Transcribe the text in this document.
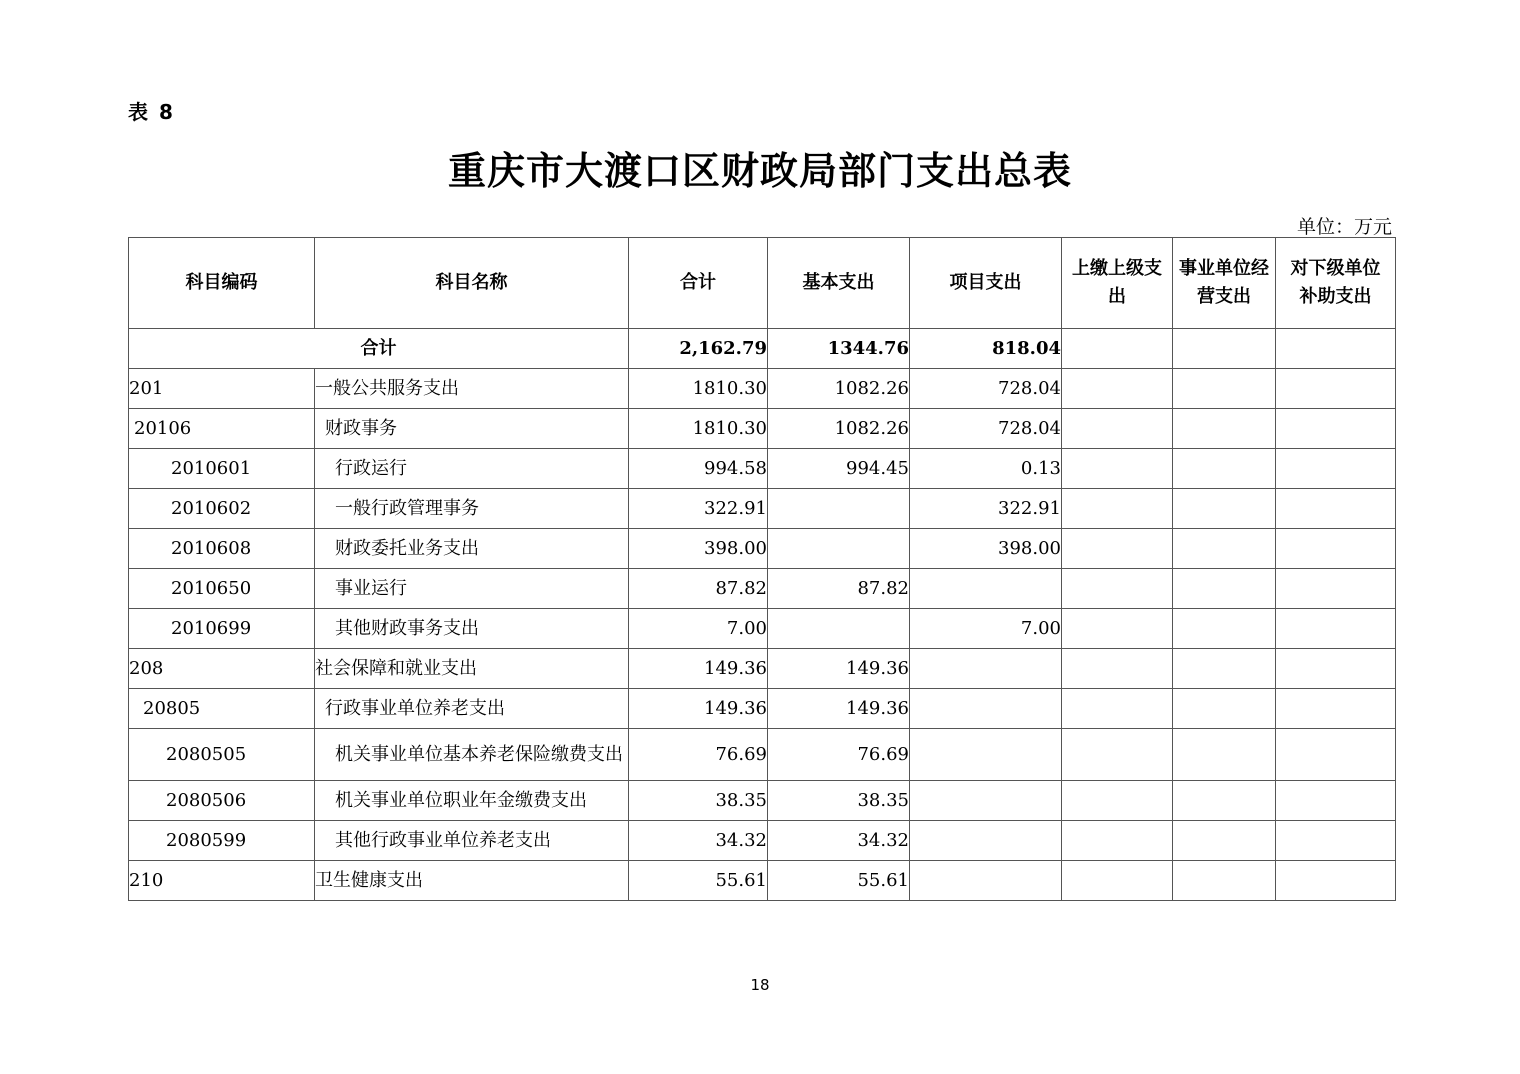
表 8
重庆市大渡口区财政局部门支出总表
单位：万元
科目编码	科目名称	合计	基本支出	项目支出	上缴上级支出	事业单位经营支出	对下级单位补助支出
合计		2,162.79	1344.76	818.04			
201	一般公共服务支出	1810.30	1082.26	728.04			
20106	财政事务	1810.30	1082.26	728.04			
2010601	行政运行	994.58	994.45	0.13			
2010602	一般行政管理事务	322.91		322.91			
2010608	财政委托业务支出	398.00		398.00			
2010650	事业运行	87.82	87.82				
2010699	其他财政事务支出	7.00		7.00			
208	社会保障和就业支出	149.36	149.36				
20805	行政事业单位养老支出	149.36	149.36				
2080505	机关事业单位基本养老保险缴费支出	76.69	76.69				
2080506	机关事业单位职业年金缴费支出	38.35	38.35				
2080599	其他行政事业单位养老支出	34.32	34.32				
210	卫生健康支出	55.61	55.61				
18
